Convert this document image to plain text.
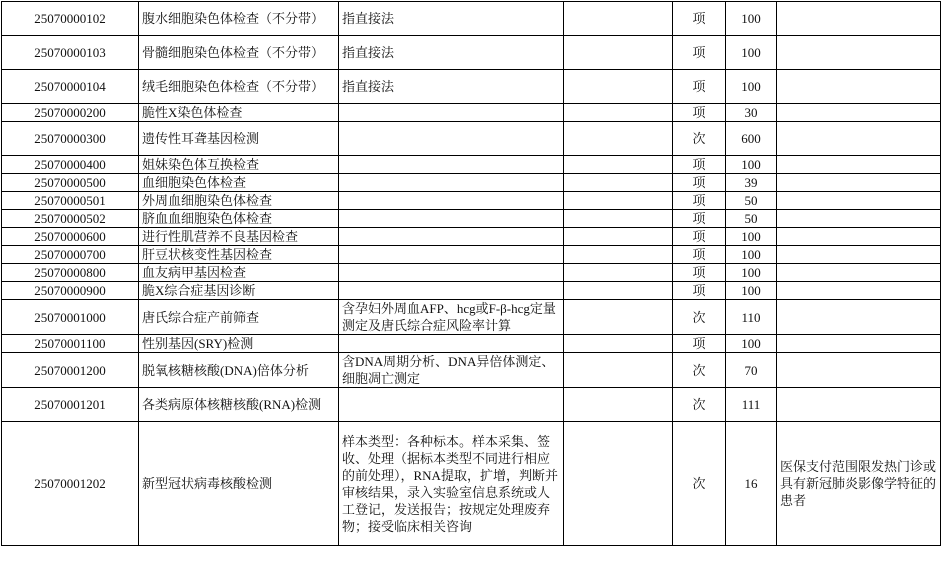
25070000102	腹水细胞染色体检查（不分带）	指直接法		项	100	
25070000103	骨髓细胞染色体检查（不分带）	指直接法		项	100	
25070000104	绒毛细胞染色体检查（不分带）	指直接法		项	100	
25070000200	脆性X染色体检查			项	30	
25070000300	遗传性耳聋基因检测			次	600	
25070000400	姐妹染色体互换检查			项	100	
25070000500	血细胞染色体检查			项	39	
25070000501	外周血细胞染色体检查			项	50	
25070000502	脐血血细胞染色体检查			项	50	
25070000600	进行性肌营养不良基因检查			项	100	
25070000700	肝豆状核变性基因检查			项	100	
25070000800	血友病甲基因检查			项	100	
25070000900	脆X综合症基因诊断			项	100	
25070001000	唐氏综合症产前筛查	含孕妇外周血AFP、hcg或F-β-hcg定量测定及唐氏综合症风险率计算		次	110	
25070001100	性别基因(SRY)检测			项	100	
25070001200	脱氧核糖核酸(DNA)倍体分析	含DNA周期分析、DNA异倍体测定、细胞凋亡测定		次	70	
25070001201	各类病原体核糖核酸(RNA)检测			次	111	
25070001202	新型冠状病毒核酸检测	样本类型：各种标本。样本采集、签收、处理（据标本类型不同进行相应的前处理），RNA提取，扩增，判断并审核结果，录入实验室信息系统或人工登记，发送报告；按规定处理废弃物；接受临床相关咨询		次	16	医保支付范围限发热门诊或具有新冠肺炎影像学特征的患者
